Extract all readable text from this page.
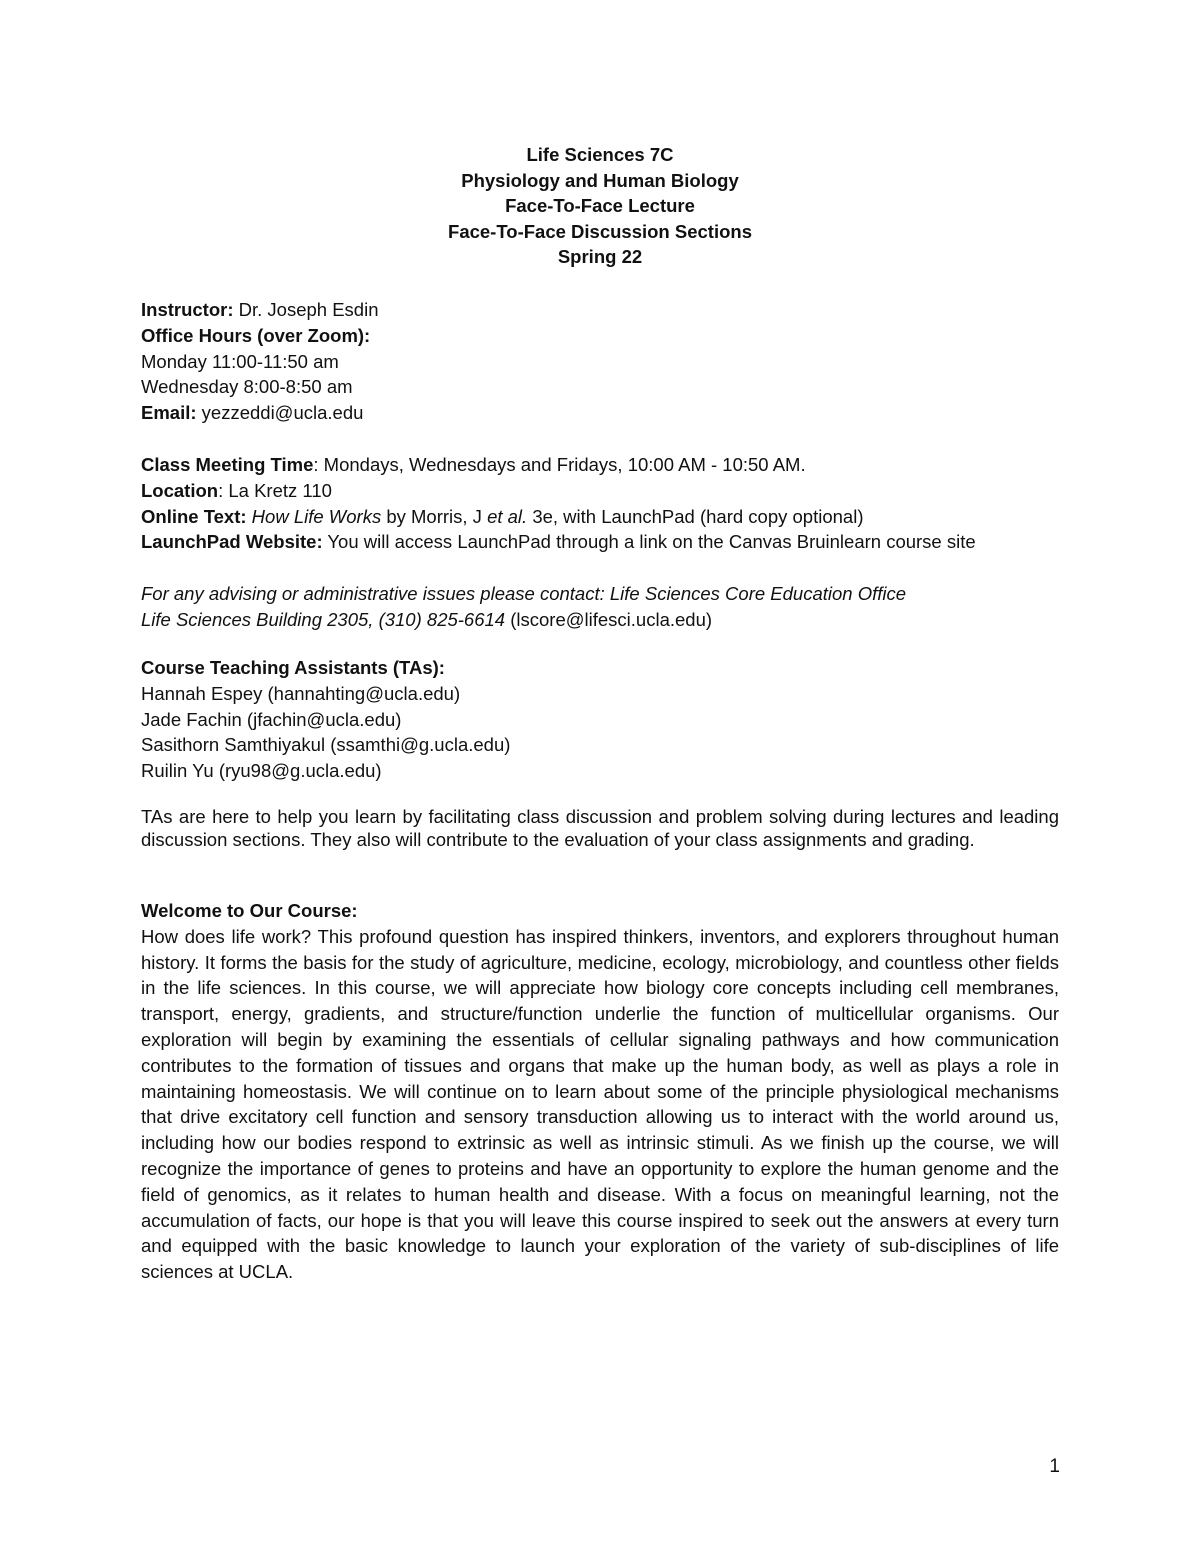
Life Sciences 7C
Physiology and Human Biology
Face-To-Face Lecture
Face-To-Face Discussion Sections
Spring 22
Instructor: Dr. Joseph Esdin
Office Hours (over Zoom):
Monday 11:00-11:50 am
Wednesday 8:00-8:50 am
Email: yezzeddi@ucla.edu
Class Meeting Time: Mondays, Wednesdays and Fridays, 10:00 AM - 10:50 AM.
Location: La Kretz 110
Online Text: How Life Works by Morris, J et al. 3e, with LaunchPad (hard copy optional)
LaunchPad Website: You will access LaunchPad through a link on the Canvas Bruinlearn course site
For any advising or administrative issues please contact: Life Sciences Core Education Office
Life Sciences Building 2305, (310) 825-6614 (lscore@lifesci.ucla.edu)
Course Teaching Assistants (TAs):
Hannah Espey (hannahting@ucla.edu)
Jade Fachin (jfachin@ucla.edu)
Sasithorn Samthiyakul (ssamthi@g.ucla.edu)
Ruilin Yu (ryu98@g.ucla.edu)
TAs are here to help you learn by facilitating class discussion and problem solving during lectures and leading discussion sections. They also will contribute to the evaluation of your class assignments and grading.
Welcome to Our Course:
How does life work? This profound question has inspired thinkers, inventors, and explorers throughout human history. It forms the basis for the study of agriculture, medicine, ecology, microbiology, and countless other fields in the life sciences. In this course, we will appreciate how biology core concepts including cell membranes, transport, energy, gradients, and structure/function underlie the function of multicellular organisms. Our exploration will begin by examining the essentials of cellular signaling pathways and how communication contributes to the formation of tissues and organs that make up the human body, as well as plays a role in maintaining homeostasis. We will continue on to learn about some of the principle physiological mechanisms that drive excitatory cell function and sensory transduction allowing us to interact with the world around us, including how our bodies respond to extrinsic as well as intrinsic stimuli. As we finish up the course, we will recognize the importance of genes to proteins and have an opportunity to explore the human genome and the field of genomics, as it relates to human health and disease. With a focus on meaningful learning, not the accumulation of facts, our hope is that you will leave this course inspired to seek out the answers at every turn and equipped with the basic knowledge to launch your exploration of the variety of sub-disciplines of life sciences at UCLA.
1
